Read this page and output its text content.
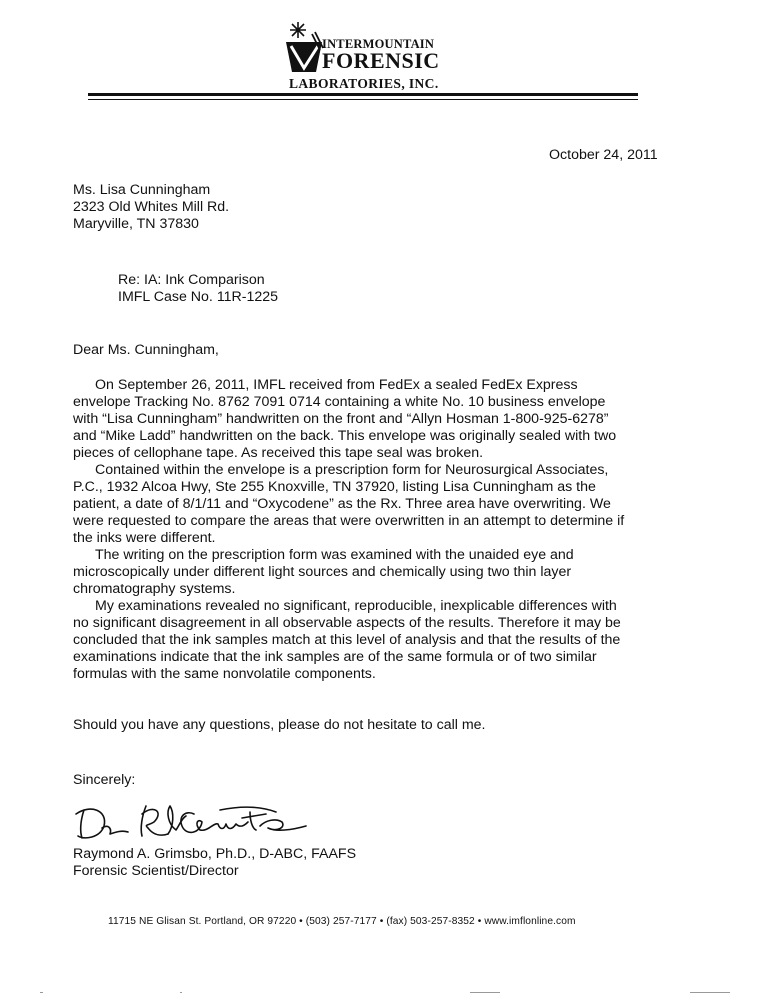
INTERMOUNTAIN
FORENSIC
LABORATORIES, INC.
October 24, 2011
Ms. Lisa Cunningham
2323 Old Whites Mill Rd.
Maryville, TN 37830
Re: IA: Ink Comparison
IMFL Case No. 11R-1225
Dear Ms. Cunningham,
On September 26, 2011, IMFL received from FedEx a sealed FedEx Express
envelope Tracking No. 8762 7091 0714 containing a white No. 10 business envelope
with “Lisa Cunningham” handwritten on the front and “Allyn Hosman 1-800-925-6278”
and “Mike Ladd” handwritten on the back. This envelope was originally sealed with two
pieces of cellophane tape. As received this tape seal was broken.
Contained within the envelope is a prescription form for Neurosurgical Associates,
P.C., 1932 Alcoa Hwy, Ste 255 Knoxville, TN 37920, listing Lisa Cunningham as the
patient, a date of 8/1/11 and “Oxycodene” as the Rx. Three area have overwriting. We
were requested to compare the areas that were overwritten in an attempt to determine if
the inks were different.
The writing on the prescription form was examined with the unaided eye and
microscopically under different light sources and chemically using two thin layer
chromatography systems.
My examinations revealed no significant, reproducible, inexplicable differences with
no significant disagreement in all observable aspects of the results. Therefore it may be
concluded that the ink samples match at this level of analysis and that the results of the
examinations indicate that the ink samples are of the same formula or of two similar
formulas with the same nonvolatile components.
Should you have any questions, please do not hesitate to call me.
Sincerely:
Raymond A. Grimsbo, Ph.D., D-ABC, FAAFS
Forensic Scientist/Director
11715 NE Glisan St. Portland, OR 97220 • (503) 257-7177 • (fax) 503-257-8352 • www.imflonline.com
